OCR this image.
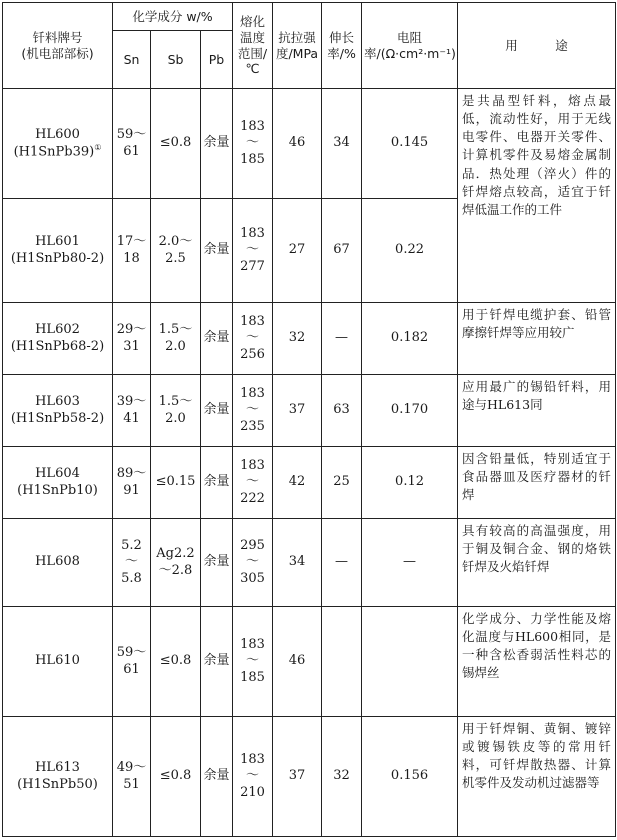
钎料牌号
(机电部部标)	化学成分 w/%			熔化温度范围/℃	抗拉强度/MPa	伸长率/%	电阻率/(Ω·cm²·m⁻¹)	用　　　途
	Sn	Sb	Pb					

HL600
(H1SnPb39)①	59～61	≤0.8	余量	183～185	46	34	0.145	是共晶型钎料，熔点最低，流动性好，用于无线电零件、电器开关零件、计算机零件及易熔金属制品．热处理（淬火）件的钎焊熔点较高，适宜于钎焊低温工作的工件

HL601
(H1SnPb80-2)	17～18	2.0～2.5	余量	183～277	27	67	0.22	

HL602
(H1SnPb68-2)	29～31	1.5～2.0	余量	183～256	32	—	0.182	用于钎焊电缆护套、铅管摩擦钎焊等应用较广

HL603
(H1SnPb58-2)	39～41	1.5～2.0	余量	183～235	37	63	0.170	应用最广的锡铅钎料，用途与HL613同

HL604
(H1SnPb10)	89～91	≤0.15	余量	183～222	42	25	0.12	因含铅量低，特别适宜于食品器皿及医疗器材的钎焊

HL608	5.2～5.8	Ag2.2～2.8	余量	295～305	34	—	—	具有较高的高温强度，用于铜及铜合金、钢的烙铁钎焊及火焰钎焊

HL610	59～61	≤0.8	余量	183～185	46			化学成分、力学性能及熔化温度与HL600相同，是一种含松香弱活性料芯的锡焊丝

HL613
(H1SnPb50)	49～51	≤0.8	余量	183～210	37	32	0.156	用于钎焊铜、黄铜、镀锌或镀锡铁皮等的常用钎料，可钎焊散热器、计算机零件及发动机过滤器等
